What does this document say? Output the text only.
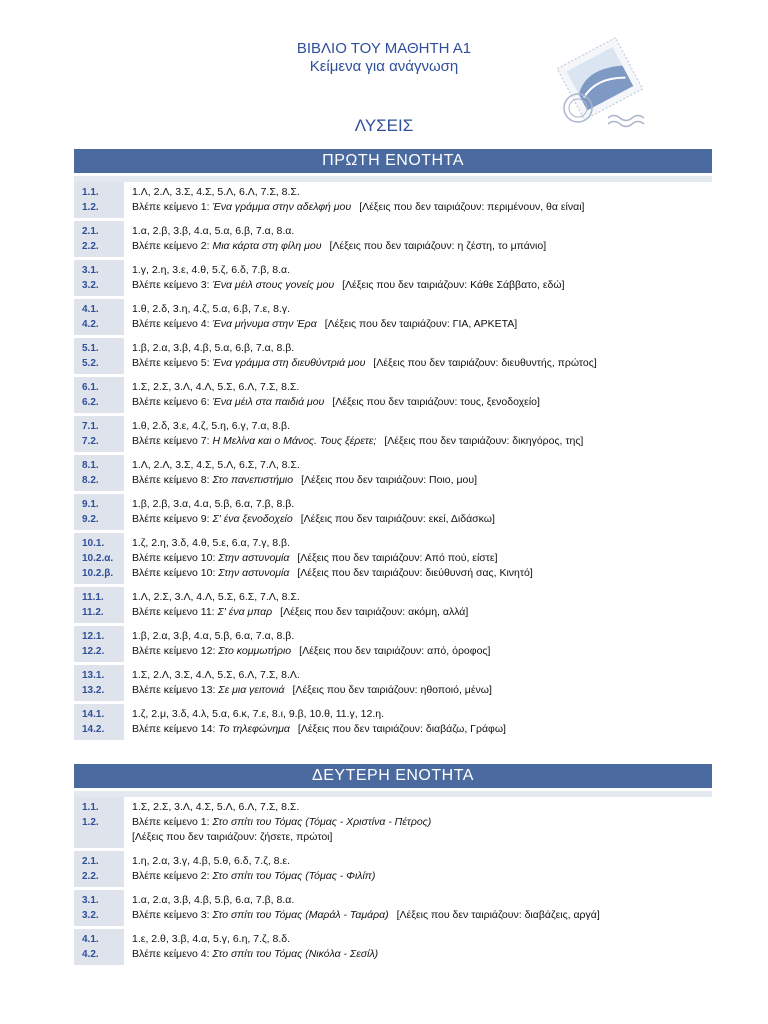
ΒΙΒΛΙΟ ΤΟΥ ΜΑΘΗΤΗ Α1
Κείμενα για ανάγνωση
ΛΥΣΕΙΣ
ΠΡΩΤΗ ΕΝΟΤΗΤΑ
1.1.
1.2.
1.Λ, 2.Λ, 3.Σ, 4.Σ, 5.Λ, 6.Λ, 7.Σ, 8.Σ.
Βλέπε κείμενο 1: Ένα γράμμα στην αδελφή μου [Λέξεις που δεν ταιριάζουν: περιμένουν, θα είναι]
2.1.
2.2.
1.α, 2.β, 3.β, 4.α, 5.α, 6.β, 7.α, 8.α.
Βλέπε κείμενο 2: Μια κάρτα στη φίλη μου [Λέξεις που δεν ταιριάζουν: η ζέστη, το μπάνιο]
3.1.
3.2.
1.γ, 2.η, 3.ε, 4.θ, 5.ζ, 6.δ, 7.β, 8.α.
Βλέπε κείμενο 3: Ένα μέιλ στους γονείς μου [Λέξεις που δεν ταιριάζουν: Κάθε Σάββατο, εδώ]
4.1.
4.2.
1.θ, 2.δ, 3.η, 4.ζ, 5.α, 6.β, 7.ε, 8.γ.
Βλέπε κείμενο 4: Ένα μήνυμα στην Έρα [Λέξεις που δεν ταιριάζουν: ΓΙΑ, ΑΡΚΕΤΑ]
5.1.
5.2.
1.β, 2.α, 3.β, 4.β, 5.α, 6.β, 7.α, 8.β.
Βλέπε κείμενο 5: Ένα γράμμα στη διευθύντριά μου [Λέξεις που δεν ταιριάζουν: διευθυντής, πρώτος]
6.1.
6.2.
1.Σ, 2.Σ, 3.Λ, 4.Λ, 5.Σ, 6.Λ, 7.Σ, 8.Σ.
Βλέπε κείμενο 6: Ένα μέιλ στα παιδιά μου [Λέξεις που δεν ταιριάζουν: τους, ξενοδοχείο]
7.1.
7.2.
1.θ, 2.δ, 3.ε, 4.ζ, 5.η, 6.γ, 7.α, 8.β.
Βλέπε κείμενο 7: Η Μελίνα και ο Μάνος. Τους ξέρετε; [Λέξεις που δεν ταιριάζουν: δικηγόρος, της]
8.1.
8.2.
1.Λ, 2.Λ, 3.Σ, 4.Σ, 5.Λ, 6.Σ, 7.Λ, 8.Σ.
Βλέπε κείμενο 8: Στο πανεπιστήμιο [Λέξεις που δεν ταιριάζουν: Ποιο, μου]
9.1.
9.2.
1.β, 2.β, 3.α, 4.α, 5.β, 6.α, 7.β, 8.β.
Βλέπε κείμενο 9: Σ' ένα ξενοδοχείο [Λέξεις που δεν ταιριάζουν: εκεί, Διδάσκω]
10.1.
10.2.α.
10.2.β.
1.ζ, 2.η, 3.δ, 4.θ, 5.ε, 6.α, 7.γ, 8.β.
Βλέπε κείμενο 10: Στην αστυνομία [Λέξεις που δεν ταιριάζουν: Από πού, είστε]
Βλέπε κείμενο 10: Στην αστυνομία [Λέξεις που δεν ταιριάζουν: διεύθυνσή σας, Κινητό]
11.1.
11.2.
1.Λ, 2.Σ, 3.Λ, 4.Λ, 5.Σ, 6.Σ, 7.Λ, 8.Σ.
Βλέπε κείμενο 11: Σ' ένα μπαρ [Λέξεις που δεν ταιριάζουν: ακόμη, αλλά]
12.1.
12.2.
1.β, 2.α, 3.β, 4.α, 5.β, 6.α, 7.α, 8.β.
Βλέπε κείμενο 12: Στο κομμωτήριο [Λέξεις που δεν ταιριάζουν: από, όροφος]
13.1.
13.2.
1.Σ, 2.Λ, 3.Σ, 4.Λ, 5.Σ, 6.Λ, 7.Σ, 8.Λ.
Βλέπε κείμενο 13: Σε μια γειτονιά [Λέξεις που δεν ταιριάζουν: ηθοποιό, μένω]
14.1.
14.2.
1.ζ, 2.μ, 3.δ, 4.λ, 5.α, 6.κ, 7.ε, 8.ι, 9.β, 10.θ, 11.γ, 12.η.
Βλέπε κείμενο 14: Το τηλεφώνημα [Λέξεις που δεν ταιριάζουν: διαβάζω, Γράφω]
ΔΕΥΤΕΡΗ ΕΝΟΤΗΤΑ
1.1.
1.2.
1.Σ, 2.Σ, 3.Λ, 4.Σ, 5.Λ, 6.Λ, 7.Σ, 8.Σ.
Βλέπε κείμενο 1: Στο σπίτι του Τόμας (Τόμας - Χριστίνα - Πέτρος)
[Λέξεις που δεν ταιριάζουν: ζήσετε, πρώτοι]
2.1.
2.2.
1.η, 2.α, 3.γ, 4.β, 5.θ, 6.δ, 7.ζ, 8.ε.
Βλέπε κείμενο 2: Στο σπίτι του Τόμας (Τόμας - Φιλίπ)
3.1.
3.2.
1.α, 2.α, 3.β, 4.β, 5.β, 6.α, 7.β, 8.α.
Βλέπε κείμενο 3: Στο σπίτι του Τόμας (Μαράλ - Ταμάρα) [Λέξεις που δεν ταιριάζουν: διαβάζεις, αργά]
4.1.
4.2.
1.ε, 2.θ, 3.β, 4.α, 5.γ, 6.η, 7.ζ, 8.δ.
Βλέπε κείμενο 4: Στο σπίτι του Τόμας (Νικόλα - Σεσίλ)
